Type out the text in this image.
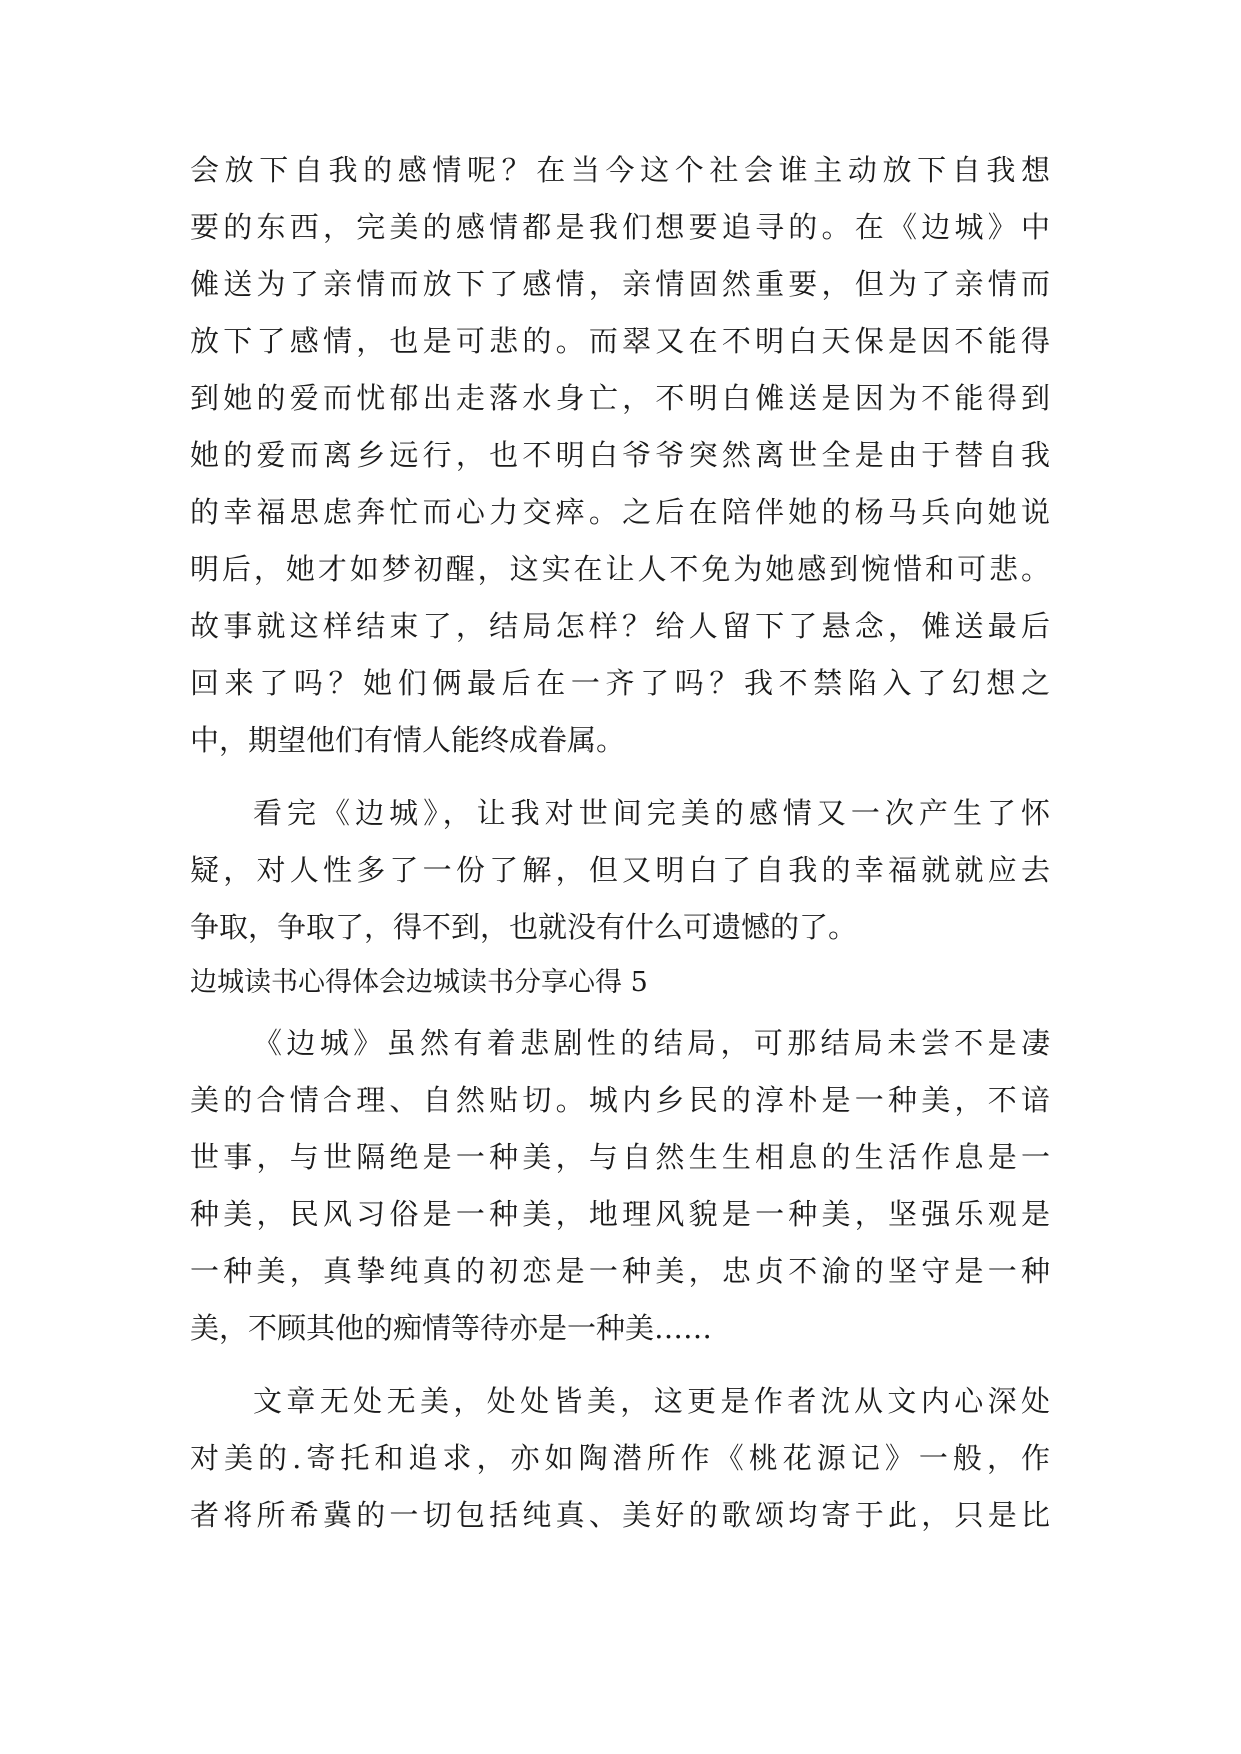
会放下自我的感情呢？在当今这个社会谁主动放下自我想
要的东西，完美的感情都是我们想要追寻的。在《边城》中
傩送为了亲情而放下了感情，亲情固然重要，但为了亲情而
放下了感情，也是可悲的。而翠又在不明白天保是因不能得
到她的爱而忧郁出走落水身亡，不明白傩送是因为不能得到
她的爱而离乡远行，也不明白爷爷突然离世全是由于替自我
的幸福思虑奔忙而心力交瘁。之后在陪伴她的杨马兵向她说
明后，她才如梦初醒，这实在让人不免为她感到惋惜和可悲。
故事就这样结束了，结局怎样？给人留下了悬念，傩送最后
回来了吗？她们俩最后在一齐了吗？我不禁陷入了幻想之
中，期望他们有情人能终成眷属。
看完《边城》，让我对世间完美的感情又一次产生了怀
疑，对人性多了一份了解，但又明白了自我的幸福就就应去
争取，争取了，得不到，也就没有什么可遗憾的了。
边城读书心得体会边城读书分享心得 5
《边城》虽然有着悲剧性的结局，可那结局未尝不是凄
美的合情合理、自然贴切。城内乡民的淳朴是一种美，不谙
世事，与世隔绝是一种美，与自然生生相息的生活作息是一
种美，民风习俗是一种美，地理风貌是一种美，坚强乐观是
一种美，真挚纯真的初恋是一种美，忠贞不渝的坚守是一种
美，不顾其他的痴情等待亦是一种美……
文章无处无美，处处皆美，这更是作者沈从文内心深处
对美的.寄托和追求，亦如陶潜所作《桃花源记》一般，作
者将所希冀的一切包括纯真、美好的歌颂均寄于此，只是比
